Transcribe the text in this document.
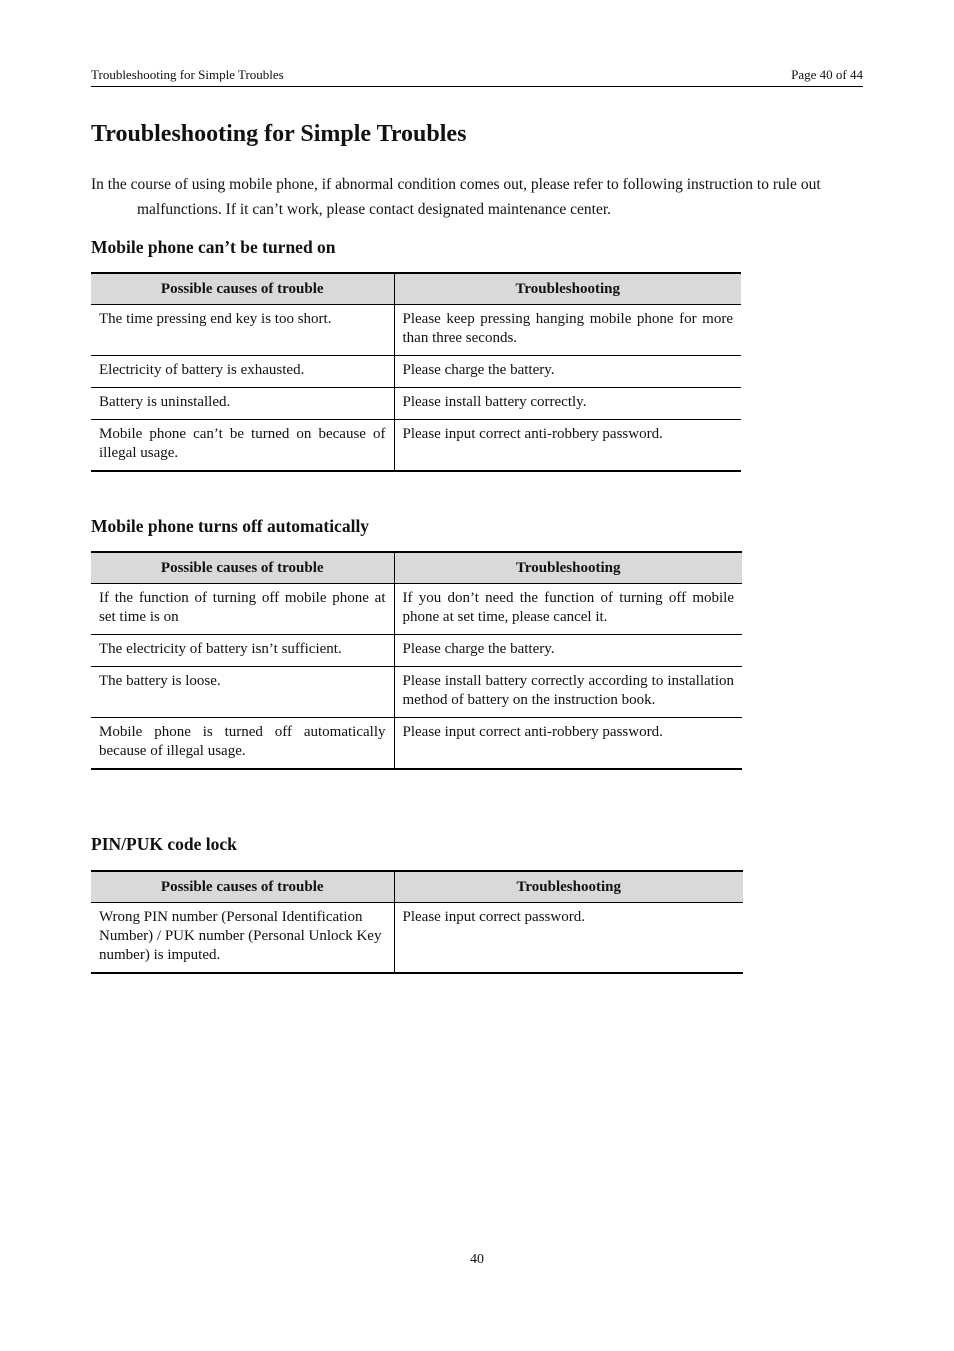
Troubleshooting for Simple Troubles	Page 40 of 44
Troubleshooting for Simple Troubles

In the course of using mobile phone, if abnormal condition comes out, please refer to following instruction to rule out malfunctions. If it can’t work, please contact designated maintenance center.

Mobile phone can’t be turned on
Possible causes of trouble	Troubleshooting
The time pressing end key is too short.	Please keep pressing hanging mobile phone for more than three seconds.
Electricity of battery is exhausted.	Please charge the battery.
Battery is uninstalled.	Please install battery correctly.
Mobile phone can’t be turned on because of illegal usage.	Please input correct anti-robbery password.
Mobile phone turns off automatically
Possible causes of trouble	Troubleshooting
If the function of turning off mobile phone at set time is on	If you don’t need the function of turning off mobile phone at set time, please cancel it.
The electricity of battery isn’t sufficient.	Please charge the battery.
The battery is loose.	Please install battery correctly according to installation method of battery on the instruction book.
Mobile phone is turned off automatically because of illegal usage.	Please input correct anti-robbery password.
PIN/PUK code lock
Possible causes of trouble	Troubleshooting
Wrong PIN number (Personal Identification Number) / PUK number (Personal Unlock Key number) is imputed.	Please input correct password.
40
